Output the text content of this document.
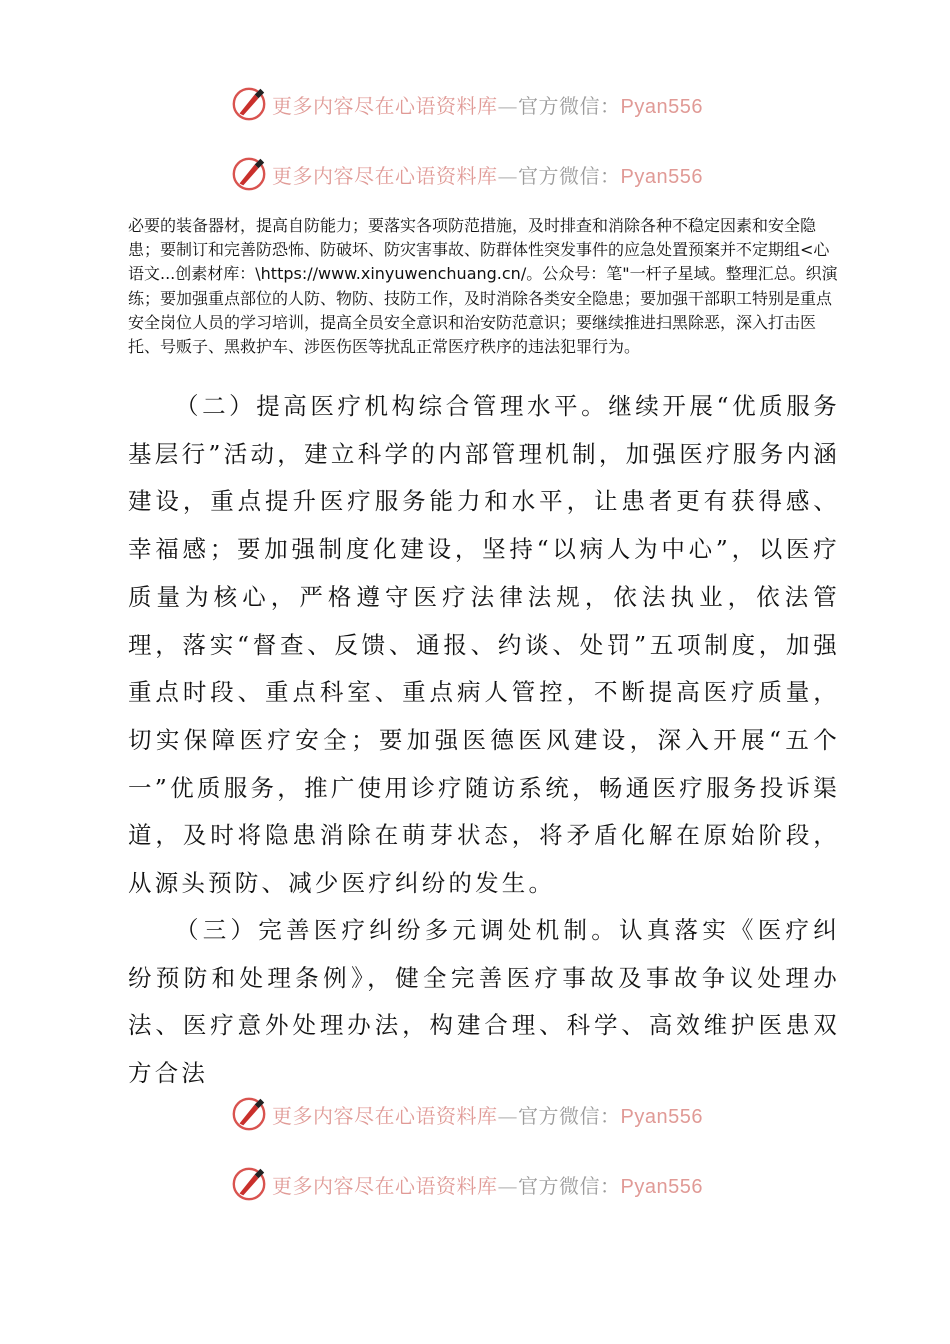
更多内容尽在心语资料库—官方微信：Pyan556
更多内容尽在心语资料库—官方微信：Pyan556

必要的装备器材，提高自防能力；要落实各项防范措施，及时排查和消除各种不稳定因素和安全隐患；要制订和完善防恐怖、防破坏、防灾害事故、防群体性突发事件的应急处置预案并不定期组<心语文...创素材库：\https://www.xinyuwenchuang.cn/。公众号：笔"一杆子星域。整理汇总。织演练；要加强重点部位的人防、物防、技防工作，及时消除各类安全隐患；要加强干部职工特别是重点安全岗位人员的学习培训，提高全员安全意识和治安防范意识；要继续推进扫黑除恶，深入打击医托、号贩子、黑救护车、涉医伤医等扰乱正常医疗秩序的违法犯罪行为。

（二）提高医疗机构综合管理水平。继续开展“优质服务基层行”活动，建立科学的内部管理机制，加强医疗服务内涵建设，重点提升医疗服务能力和水平，让患者更有获得感、幸福感；要加强制度化建设，坚持“以病人为中心”，以医疗质量为核心，严格遵守医疗法律法规，依法执业，依法管理，落实“督查、反馈、通报、约谈、处罚”五项制度，加强重点时段、重点科室、重点病人管控，不断提高医疗质量，切实保障医疗安全；要加强医德医风建设，深入开展“五个一”优质服务，推广使用诊疗随访系统，畅通医疗服务投诉渠道，及时将隐患消除在萌芽状态，将矛盾化解在原始阶段，从源头预防、减少医疗纠纷的发生。

（三）完善医疗纠纷多元调处机制。认真落实《医疗纠纷预防和处理条例》，健全完善医疗事故及事故争议处理办法、医疗意外处理办法，构建合理、科学、高效维护医患双方合法

更多内容尽在心语资料库—官方微信：Pyan556
更多内容尽在心语资料库—官方微信：Pyan556
